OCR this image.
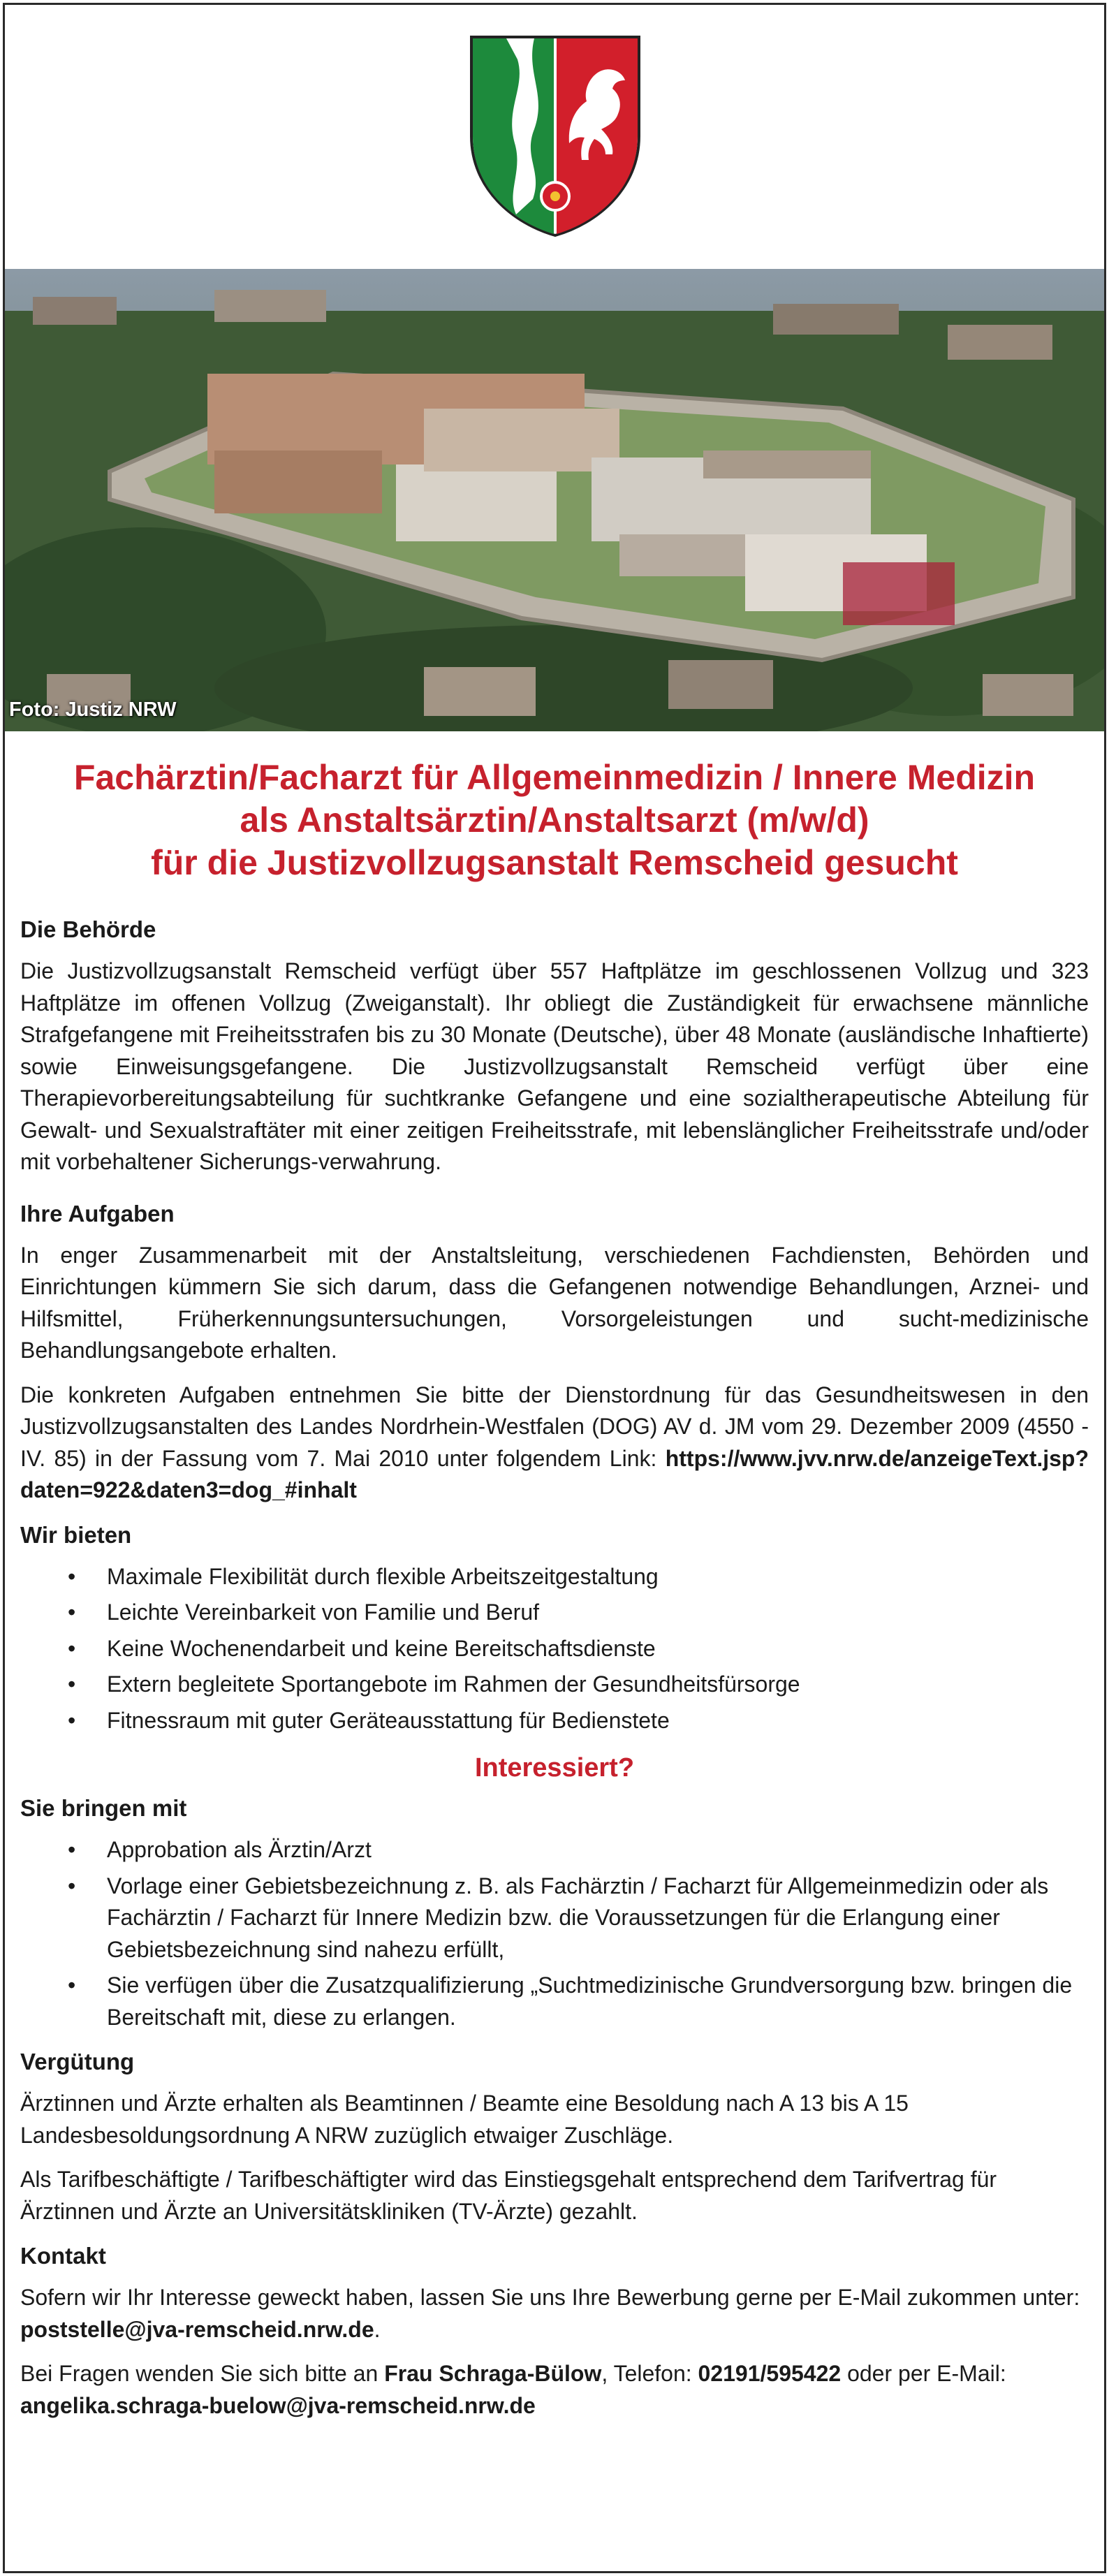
Foto: Justiz NRW
Fachärztin/Facharzt für Allgemeinmedizin / Innere Medizin
als Anstaltsärztin/Anstaltsarzt (m/w/d)
für die Justizvollzugsanstalt Remscheid gesucht
Die Behörde

Die Justizvollzugsanstalt Remscheid verfügt über 557 Haftplätze im geschlossenen Vollzug und 323 Haftplätze im offenen Vollzug (Zweiganstalt). Ihr obliegt die Zuständigkeit für erwachsene männliche Strafgefangene mit Freiheitsstrafen bis zu 30 Monate (Deutsche), über 48 Monate (ausländische Inhaftierte) sowie Einweisungsgefangene. Die Justizvollzugsanstalt Remscheid verfügt über eine Therapievorbereitungsabteilung für suchtkranke Gefangene und eine sozialtherapeutische Abteilung für Gewalt- und Sexualstraftäter mit einer zeitigen Freiheitsstrafe, mit lebenslänglicher Freiheitsstrafe und/oder mit vorbehaltener Sicherungs-verwahrung.

Ihre Aufgaben

In enger Zusammenarbeit mit der Anstaltsleitung, verschiedenen Fachdiensten, Behörden und Einrichtungen kümmern Sie sich darum, dass die Gefangenen notwendige Behandlungen, Arznei- und Hilfsmittel, Früherkennungsuntersuchungen, Vorsorgeleistungen und sucht-medizinische Behandlungsangebote erhalten.

Die konkreten Aufgaben entnehmen Sie bitte der Dienstordnung für das Gesundheitswesen in den Justizvollzugsanstalten des Landes Nordrhein-Westfalen (DOG) AV d. JM vom 29. Dezember 2009 (4550 - IV. 85) in der Fassung vom 7. Mai 2010 unter folgendem Link: https://www.jvv.nrw.de/anzeigeText.jsp?daten=922&daten3=dog_#inhalt

Wir bieten
• Maximale Flexibilität durch flexible Arbeitszeitgestaltung
• Leichte Vereinbarkeit von Familie und Beruf
• Keine Wochenendarbeit und keine Bereitschaftsdienste
• Extern begleitete Sportangebote im Rahmen der Gesundheitsfürsorge
• Fitnessraum mit guter Geräteausstattung für Bedienstete
Interessiert?
Sie bringen mit
• Approbation als Ärztin/Arzt
• Vorlage einer Gebietsbezeichnung z. B. als Fachärztin / Facharzt für Allgemeinmedizin oder als Fachärztin / Facharzt für Innere Medizin bzw. die Voraussetzungen für die Erlangung einer Gebietsbezeichnung sind nahezu erfüllt,
• Sie verfügen über die Zusatzqualifizierung „Suchtmedizinische Grundversorgung bzw. bringen die Bereitschaft mit, diese zu erlangen.
Vergütung

Ärztinnen und Ärzte erhalten als Beamtinnen / Beamte eine Besoldung nach A 13 bis A 15 Landesbesoldungsordnung A NRW zuzüglich etwaiger Zuschläge.

Als Tarifbeschäftigte / Tarifbeschäftigter wird das Einstiegsgehalt entsprechend dem Tarifvertrag für Ärztinnen und Ärzte an Universitätskliniken (TV-Ärzte) gezahlt.

Kontakt

Sofern wir Ihr Interesse geweckt haben, lassen Sie uns Ihre Bewerbung gerne per E-Mail zukommen unter: poststelle@jva-remscheid.nrw.de.

Bei Fragen wenden Sie sich bitte an Frau Schraga-Bülow, Telefon: 02191/595422 oder per E-Mail: angelika.schraga-buelow@jva-remscheid.nrw.de
